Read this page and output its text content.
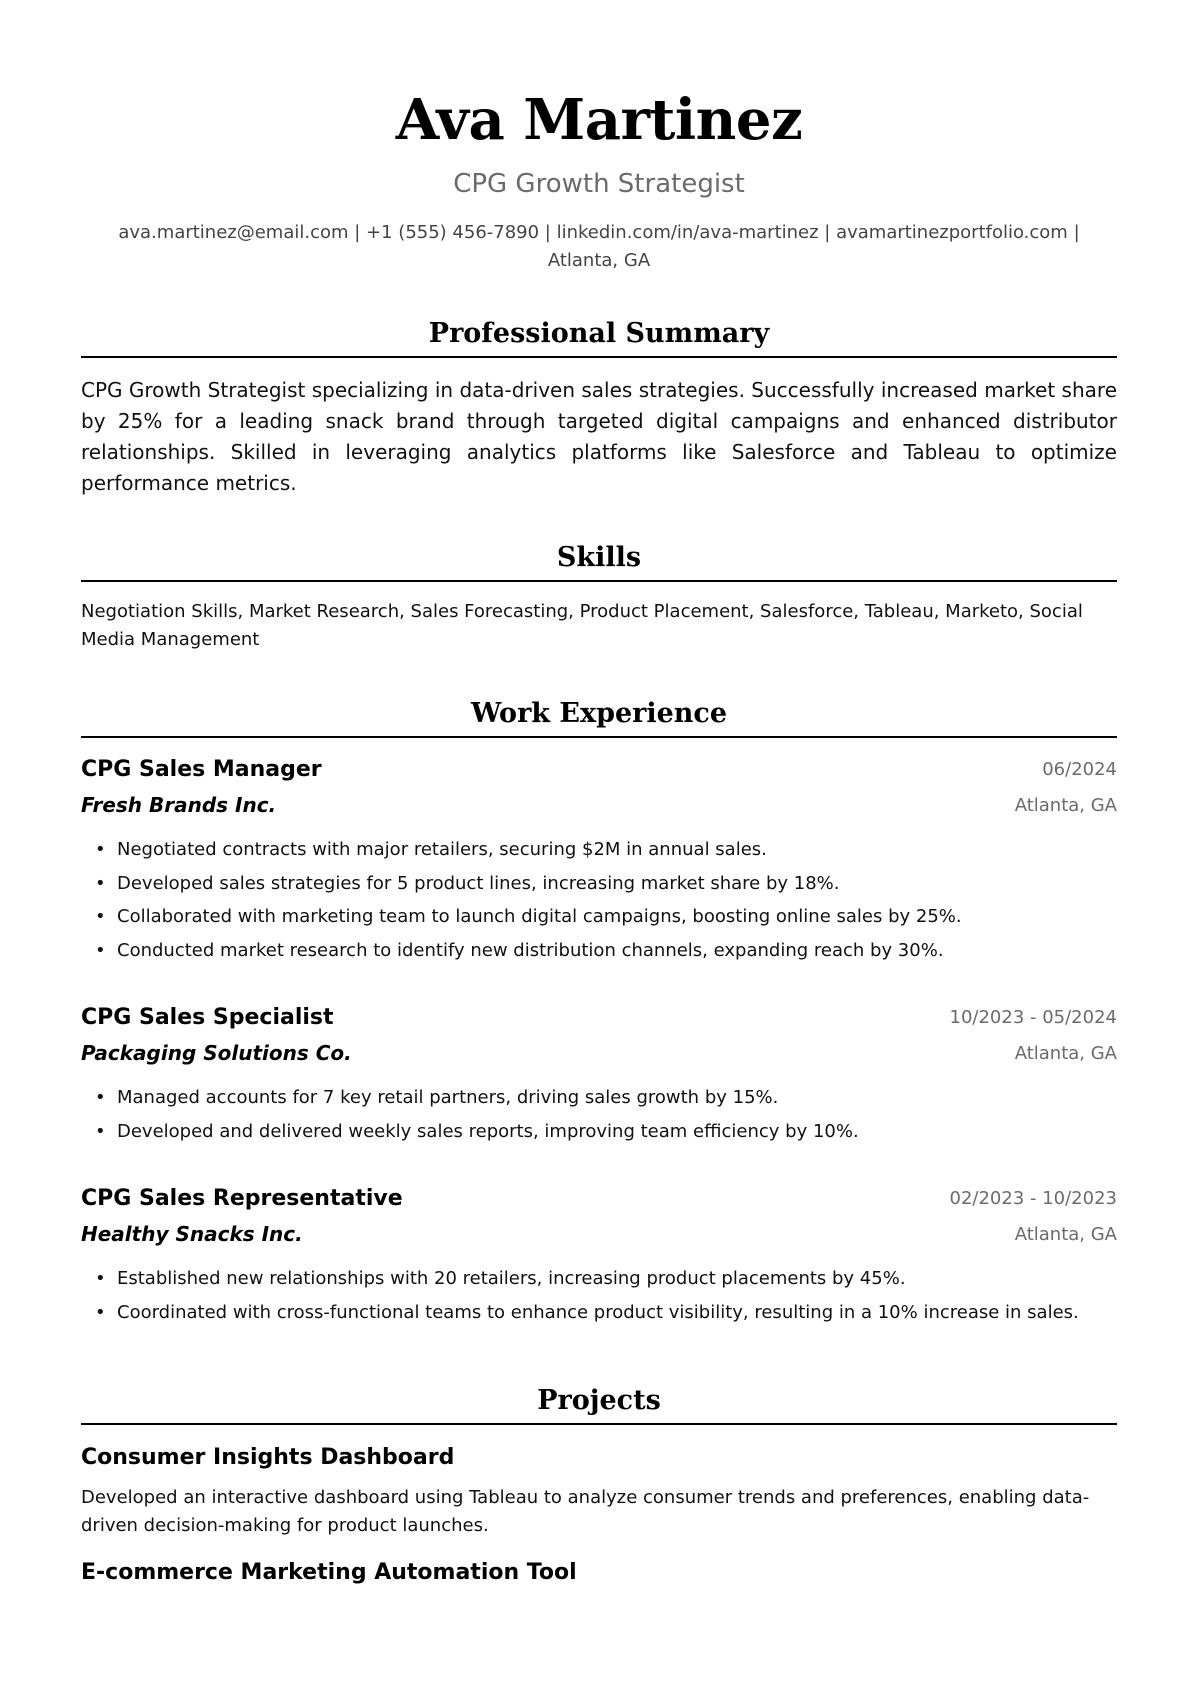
Ava Martinez
CPG Growth Strategist
ava.martinez@email.com | +1 (555) 456-7890 | linkedin.com/in/ava-martinez | avamartinezportfolio.com |
Atlanta, GA
Professional Summary
CPG Growth Strategist specializing in data-driven sales strategies. Successfully increased market share by 25% for a leading snack brand through targeted digital campaigns and enhanced distributor relationships. Skilled in leveraging analytics platforms like Salesforce and Tableau to optimize performance metrics.
Skills
Negotiation Skills, Market Research, Sales Forecasting, Product Placement, Salesforce, Tableau, Marketo, Social Media Management
Work Experience
CPG Sales Manager	06/2024
Fresh Brands Inc.	Atlanta, GA
• Negotiated contracts with major retailers, securing $2M in annual sales.
• Developed sales strategies for 5 product lines, increasing market share by 18%.
• Collaborated with marketing team to launch digital campaigns, boosting online sales by 25%.
• Conducted market research to identify new distribution channels, expanding reach by 30%.
CPG Sales Specialist	10/2023 - 05/2024
Packaging Solutions Co.	Atlanta, GA
• Managed accounts for 7 key retail partners, driving sales growth by 15%.
• Developed and delivered weekly sales reports, improving team efficiency by 10%.
CPG Sales Representative	02/2023 - 10/2023
Healthy Snacks Inc.	Atlanta, GA
• Established new relationships with 20 retailers, increasing product placements by 45%.
• Coordinated with cross-functional teams to enhance product visibility, resulting in a 10% increase in sales.
Projects
Consumer Insights Dashboard
Developed an interactive dashboard using Tableau to analyze consumer trends and preferences, enabling data-driven decision-making for product launches.
E-commerce Marketing Automation Tool
